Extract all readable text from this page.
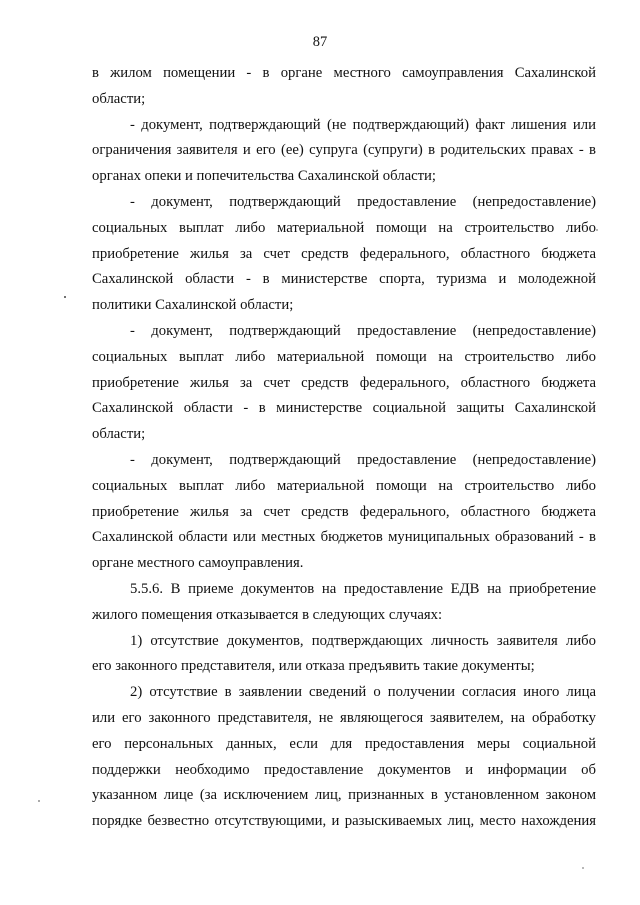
87
в жилом помещении - в органе местного самоуправления Сахалинской
области;
- документ, подтверждающий (не подтверждающий) факт лишения или
ограничения заявителя и его (ее) супруга (супруги) в родительских правах - в
органах опеки и попечительства Сахалинской области;
- документ, подтверждающий предоставление (непредоставление)
социальных выплат либо материальной помощи на строительство либо
приобретение жилья за счет средств федерального, областного бюджета
Сахалинской области - в министерстве спорта, туризма и молодежной
политики Сахалинской области;
- документ, подтверждающий предоставление (непредоставление)
социальных выплат либо материальной помощи на строительство либо
приобретение жилья за счет средств федерального, областного бюджета
Сахалинской области - в министерстве социальной защиты Сахалинской
области;
- документ, подтверждающий предоставление (непредоставление)
социальных выплат либо материальной помощи на строительство либо
приобретение жилья за счет средств федерального, областного бюджета
Сахалинской области или местных бюджетов муниципальных образований - в
органе местного самоуправления.
5.5.6. В приеме документов на предоставление ЕДВ на приобретение
жилого помещения отказывается в следующих случаях:
1) отсутствие документов, подтверждающих личность заявителя либо
его законного представителя, или отказа предъявить такие документы;
2) отсутствие в заявлении сведений о получении согласия иного лица
или его законного представителя, не являющегося заявителем, на обработку
его персональных данных, если для предоставления меры социальной
поддержки необходимо предоставление документов и информации об
указанном лице (за исключением лиц, признанных в установленном законом
порядке безвестно отсутствующими, и разыскиваемых лиц, место нахождения
